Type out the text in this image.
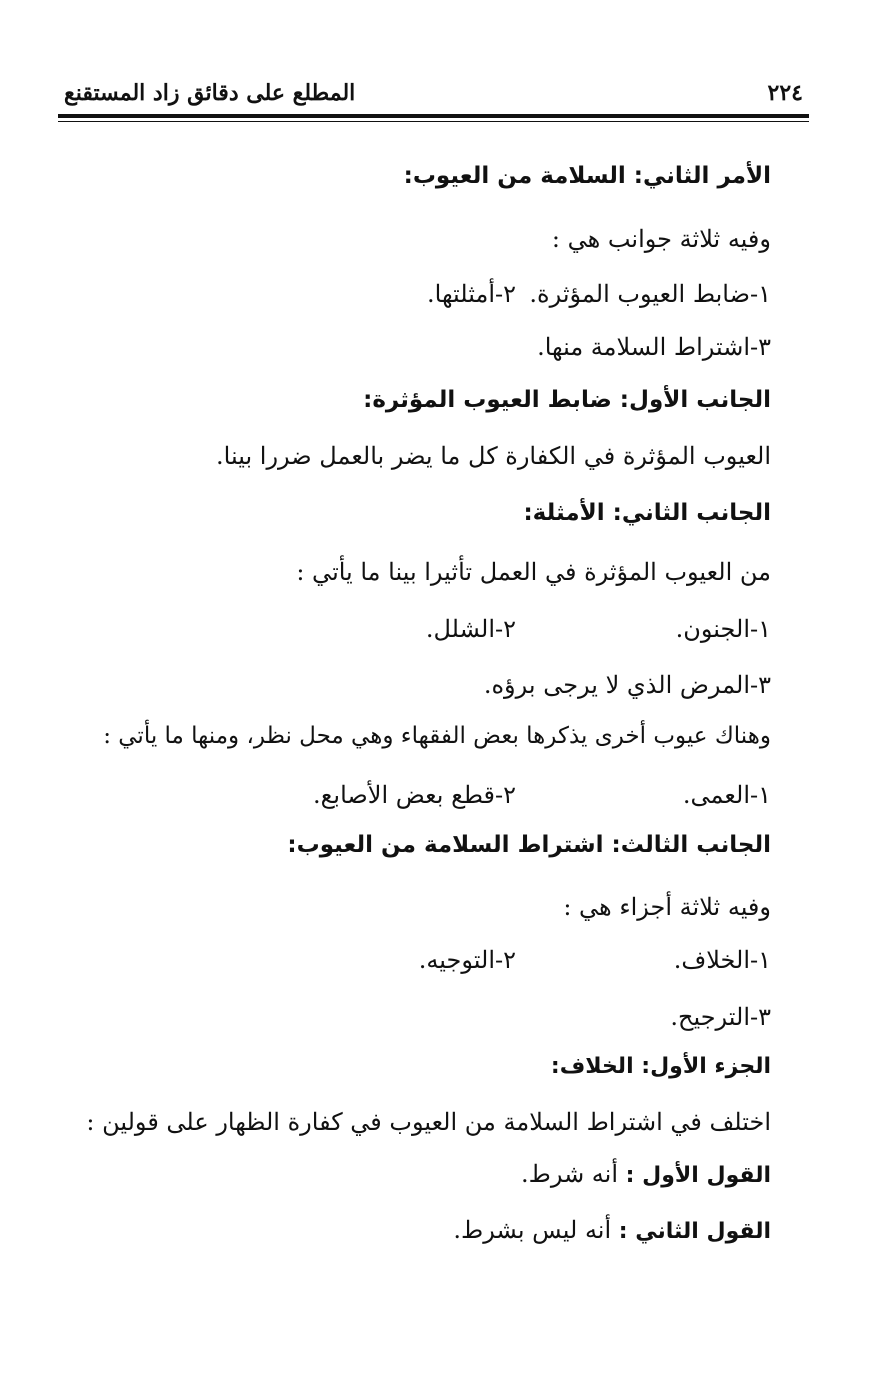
٢٢٤
المطلع على دقائق زاد المستقنع
الأمر الثاني: السلامة من العيوب:
وفيه ثلاثة جوانب هي :
١-ضابط العيوب المؤثرة.
٢-أمثلتها.
٣-اشتراط السلامة منها.
الجانب الأول: ضابط العيوب المؤثرة:
العيوب المؤثرة في الكفارة كل ما يضر بالعمل ضررا بينا.
الجانب الثاني: الأمثلة:
من العيوب المؤثرة في العمل تأثيرا بينا ما يأتي :
١-الجنون.
٢-الشلل.
٣-المرض الذي لا يرجى برؤه.
وهناك عيوب أخرى يذكرها بعض الفقهاء وهي محل نظر، ومنها ما يأتي :
١-العمى.
٢-قطع بعض الأصابع.
الجانب الثالث: اشتراط السلامة من العيوب:
وفيه ثلاثة أجزاء هي :
١-الخلاف.
٢-التوجيه.
٣-الترجيح.
الجزء الأول: الخلاف:
اختلف في اشتراط السلامة من العيوب في كفارة الظهار على قولين :
القول الأول : أنه شرط.
القول الثاني : أنه ليس بشرط.
